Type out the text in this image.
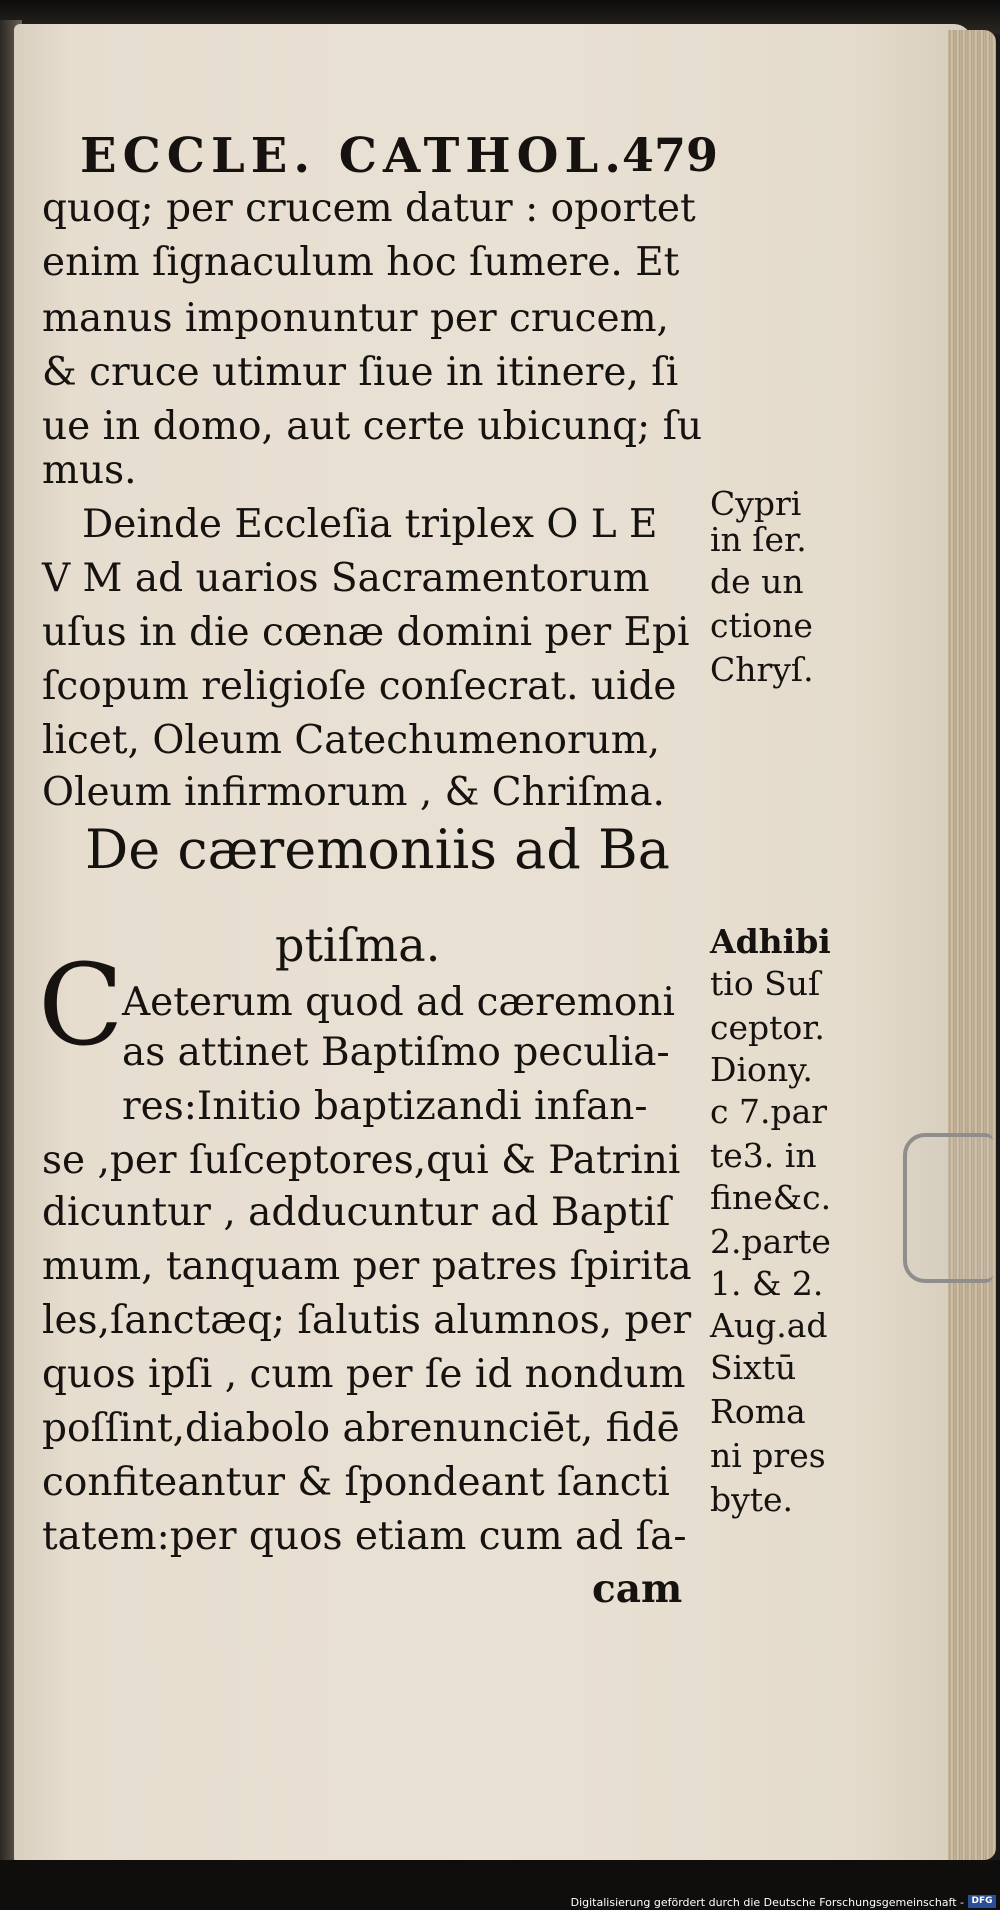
ECCLE. CATHOL.
479
quoq; per crucem datur : oportet
enim ſignaculum hoc ſumere. Et
manus imponuntur per crucem,
& cruce utimur ſiue in itinere, ſi
ue in domo, aut certe ubicunq; ſu
mus.
Deinde Eccleſia triplex O L E
V M ad uarios Sacramentorum
uſus in die cœnæ domini per Epi
ſcopum religioſe conſecrat. uide
licet, Oleum Catechumenorum,
Oleum infirmorum , & Chriſma.
Cypri
in ſer.
de un
ctione
Chryſ.
De cæremoniis ad Ba
ptiſma.
C
Aeterum quod ad cæremoni
as attinet Baptiſmo peculia-
res:Initio baptizandi infan-
se ,per ſuſceptores,qui & Patrini
dicuntur , adducuntur ad Baptiſ
mum, tanquam per patres ſpirita
les,ſanctæq; ſalutis alumnos, per
quos ipſi , cum per ſe id nondum
poſſint,diabolo abrenunciēt, fidē
confiteantur & ſpondeant ſancti
tatem:per quos etiam cum ad ſa-
cam
Adhibi
tio Suſ
ceptor.
Diony.
c 7.par
te3. in
fine&c.
2.parte
1. & 2.
Aug.ad
Sixtū
Roma
ni pres
byte.
Digitalisierung gefördert durch die Deutsche Forschungsgemeinschaft - DFG
